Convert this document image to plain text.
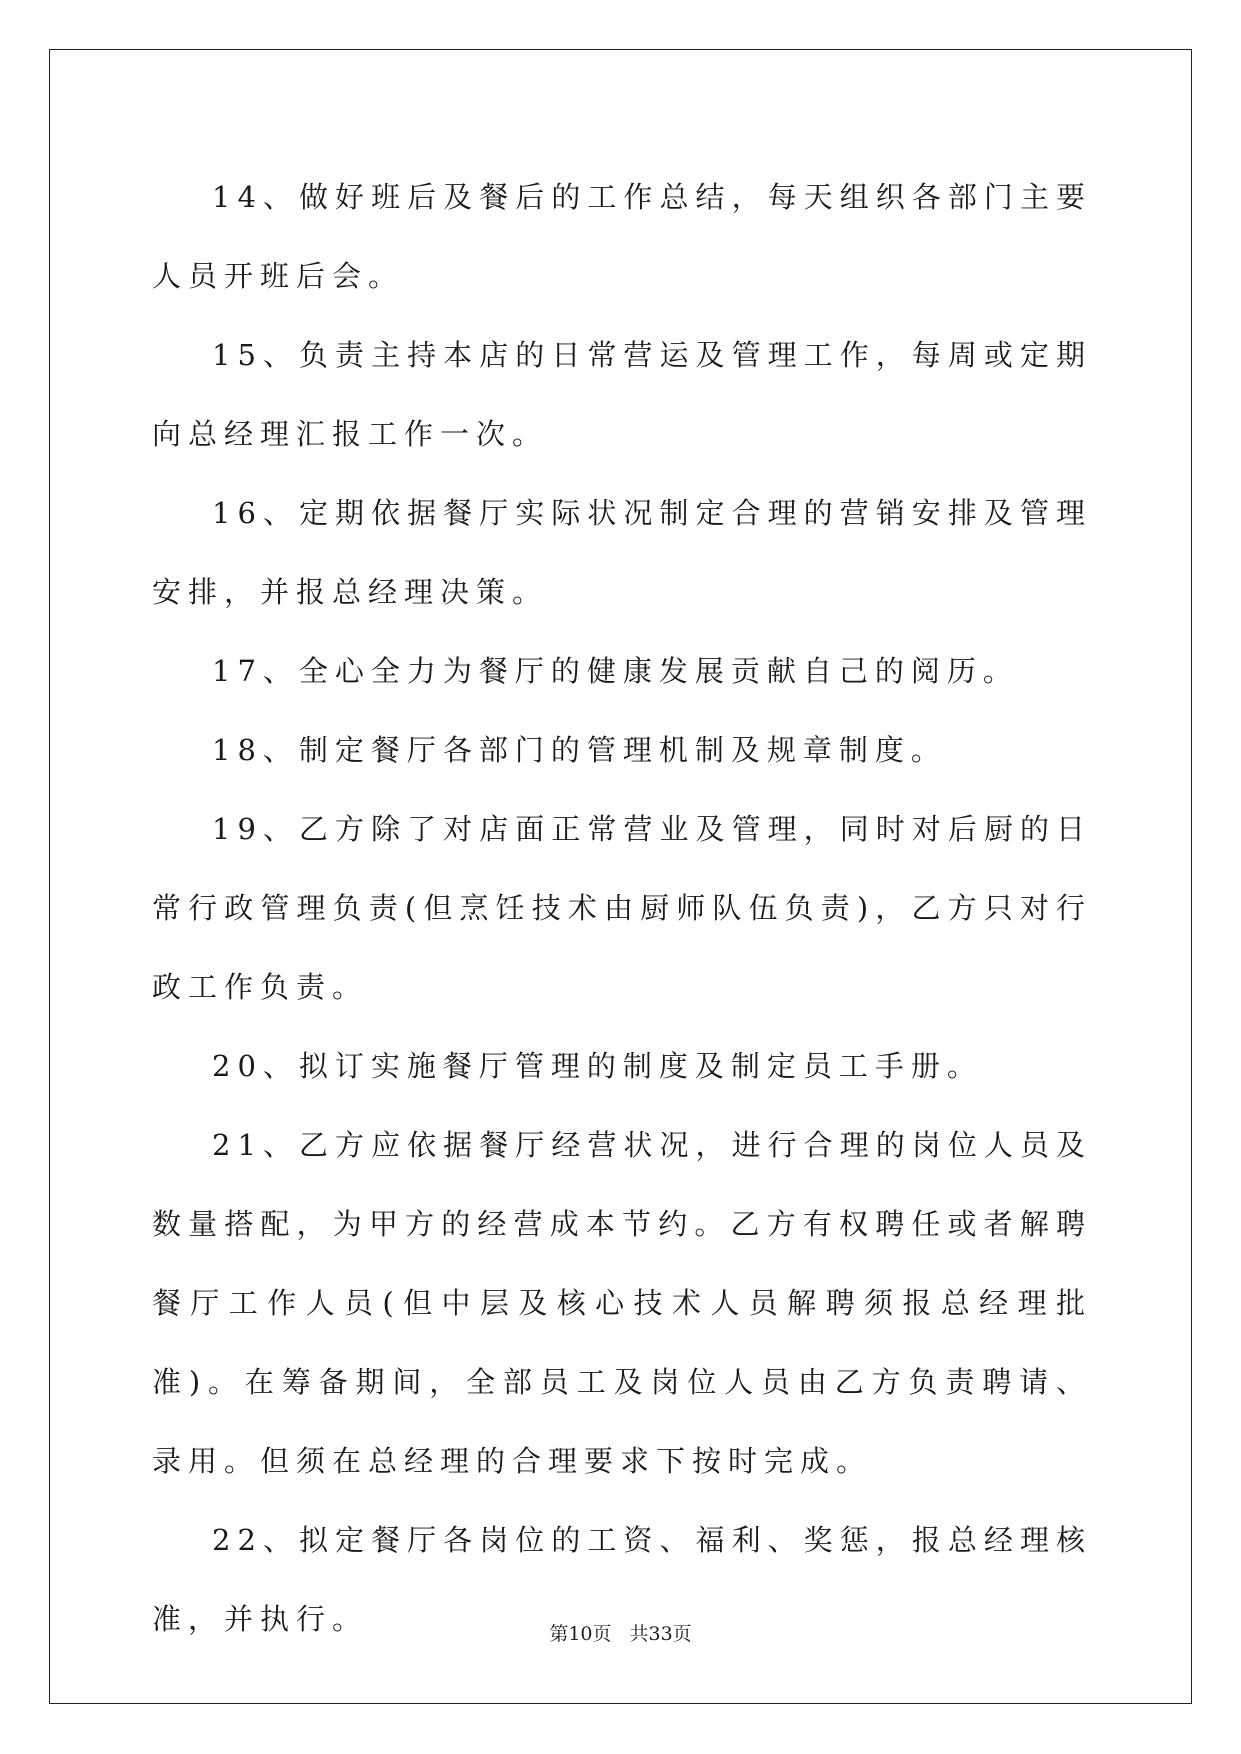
14、做好班后及餐后的工作总结，每天组织各部门主要人员开班后会。

15、负责主持本店的日常营运及管理工作，每周或定期向总经理汇报工作一次。

16、定期依据餐厅实际状况制定合理的营销安排及管理安排，并报总经理决策。

17、全心全力为餐厅的健康发展贡献自己的阅历。

18、制定餐厅各部门的管理机制及规章制度。

19、乙方除了对店面正常营业及管理，同时对后厨的日常行政管理负责(但烹饪技术由厨师队伍负责)，乙方只对行政工作负责。

20、拟订实施餐厅管理的制度及制定员工手册。

21、乙方应依据餐厅经营状况，进行合理的岗位人员及数量搭配，为甲方的经营成本节约。乙方有权聘任或者解聘餐厅工作人员(但中层及核心技术人员解聘须报总经理批准)。在筹备期间，全部员工及岗位人员由乙方负责聘请、录用。但须在总经理的合理要求下按时完成。

22、拟定餐厅各岗位的工资、福利、奖惩，报总经理核准，并执行。	第10页 共33页
